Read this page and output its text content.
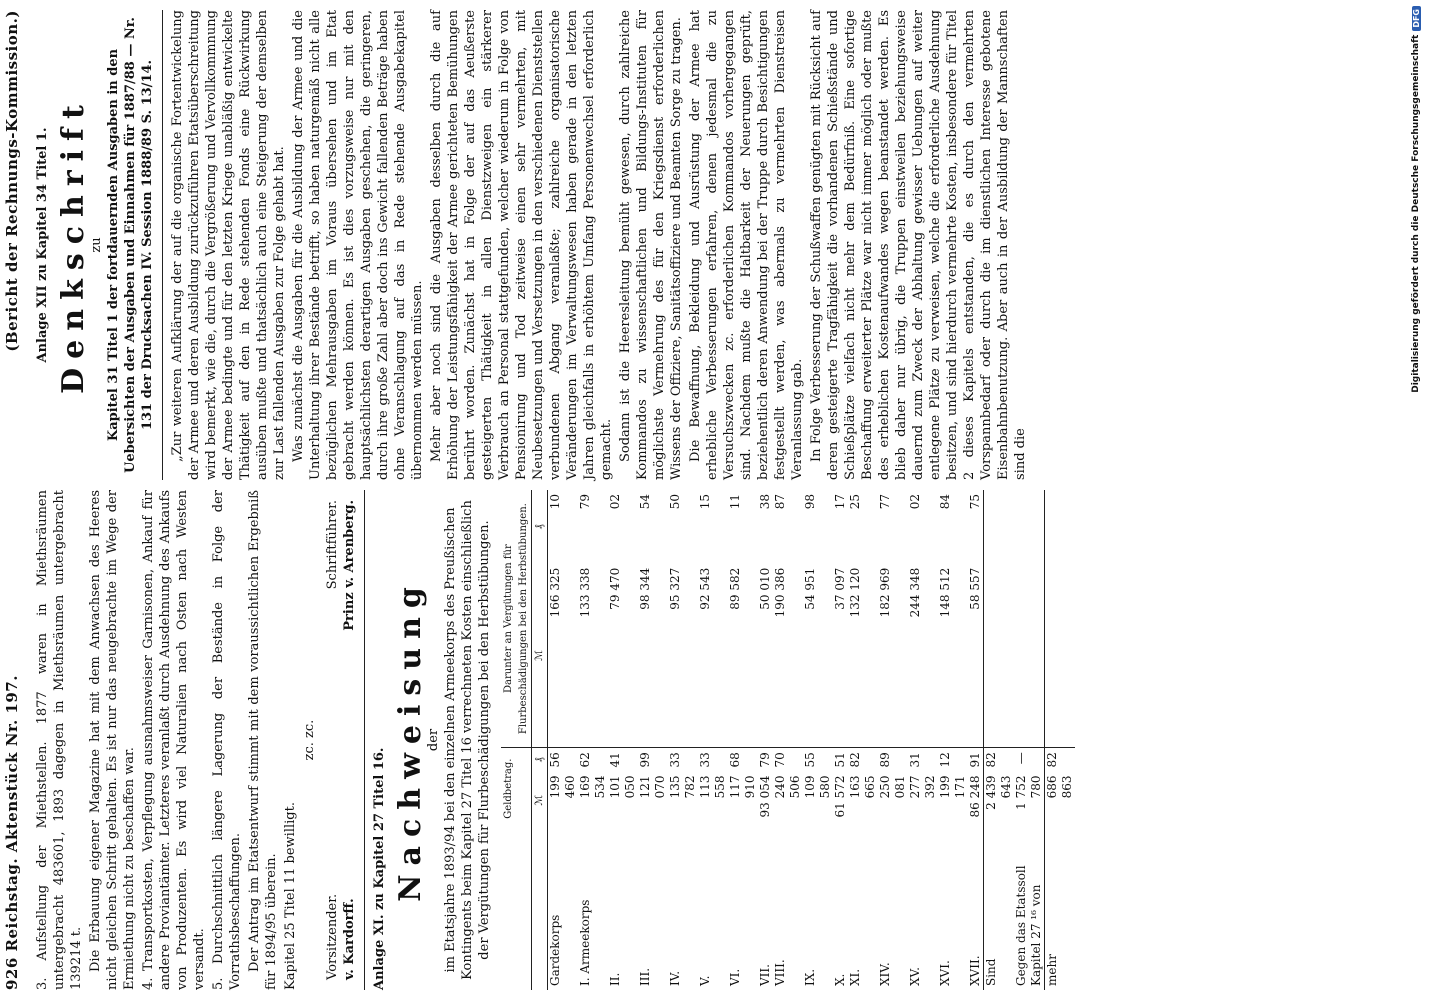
926 Reichstag. Aktenstück Nr. 197. 3. Aufstellung der Miethstellen. 1877 waren in Miethsräumen untergebracht 483601, 1893 dagegen in Miethsräumen untergebracht 139214 t. Die Erbauung eigener Magazine hat mit dem Anwachsen des Heeres nicht gleichen Schritt gehalten. Es ist nur das neugebrachte im Wege der Ermiethung nicht zu beschaffen war. 4. Transportkosten, Verpflegung ausnahmsweiser Garnisonen, Ankauf für andere Proviantämter. Letzteres veranlaßt durch Ausdehnung des Ankaufs von Produzenten. Es wird viel Naturalien nach Osten nach Westen versandt. 5. Durchschnittlich längere Lagerung der Bestände in Folge der Vorrathsbeschaffungen. Der Antrag im Etatsentwurf stimmt mit dem voraussichtlichen Ergebniß für 1894/95 überein. Kapitel 25 Titel 11 bewilligt.

zc. zc.

Vorsitzender. v. Kardorff.
Schriftführer. Prinz v. Arenberg.
Anlage XI. zu Kapitel 27 Titel 16. Nachweisung
der im Etatsjahre 1893/94 bei den einzelnen Armeekorps des Preußischen Kontingents beim Kapitel 27 Titel 16 verrechneten Kosten einschließlich der Vergütungen für Flurbeschädigungen bei den Herbstübungen.

	Geldbetrag.		Darunter an Vergütungen für Flurbeschädigungen bei den Herbstübungen.	
	ℳ	₰	ℳ	₰
Gardekorps	199 460	56	166 325	10
I. Armeekorps	169 534	62	133 338	79
II.	101 050	41	79 470	02
III.	121 070	99	98 344	54
IV.	135 782	33	95 327	50
V.	113 558	33	92 543	15
VI.	117 910	68	89 582	11
VII.	93 054	79	50 010	38
VIII.	240 506	70	190 386	87
IX.	109 580	55	54 951	98
X.	61 572	51	37 097	17
XI.	163 665	82	132 120	25
XIV.	250 081	89	182 969	77
XV.	277 392	31	244 348	02
XVI.	199 171	12	148 512	84
XVII.	86 248	91	58 557	75
Sind	2 439 643	82		
Gegen das Etatssoll Kapitel 27 ¹⁶ von	1 752 780	—		
mehr	686 863	82		
(Bericht der Rechnungs-Kommission.) Anlage XII zu Kapitel 34 Titel 1. Denkschrift
zu Kapitel 31 Titel 1 der fortdauernden Ausgaben in den Uebersichten der Ausgaben und Einnahmen für 1887/88 — Nr. 131 der Drucksachen IV. Session 1888/89 S. 13/14. „Zur weiteren Aufklärung der auf die organische Fortentwickelung der Armee und deren Ausbildung zurückzuführen Etatsüberschreitung wird bemerkt, wie die, durch die Vergrößerung und Vervollkommnung der Armee bedingte und für den letzten Kriege unabläßig entwickelte Thätigkeit auf den in Rede stehenden Fonds eine Rückwirkung ausüben mußte und thatsächlich auch eine Steigerung der demselben zur Last fallenden Ausgaben zur Folge gehabt hat. Was zunächst die Ausgaben für die Ausbildung der Armee und die Unterhaltung ihrer Bestände betrifft, so haben naturgemäß nicht alle bezüglichen Mehrausgaben im Voraus übersehen und im Etat gebracht werden können. Es ist dies vorzugsweise nur mit den hauptsächlichsten derartigen Ausgaben geschehen, die geringeren, durch ihre große Zahl aber doch ins Gewicht fallenden Beträge haben ohne Veranschlagung auf das in Rede stehende Ausgabekapitel übernommen werden müssen. Mehr aber noch sind die Ausgaben desselben durch die auf Erhöhung der Leistungsfähigkeit der Armee gerichteten Bemühungen berührt worden. Zunächst hat in Folge der auf das Aeußerste gesteigerten Thätigkeit in allen Dienstzweigen ein stärkerer Verbrauch an Personal stattgefunden, welcher wiederum in Folge von Pensionirung und Tod zeitweise einen sehr vermehrten, mit Neubesetzungen und Versetzungen in den verschiedenen Dienststellen verbundenen Abgang veranlaßte; zahlreiche organisatorische Veränderungen im Verwaltungswesen haben gerade in den letzten Jahren gleichfalls in erhöhtem Umfang Personenwechsel erforderlich gemacht. Sodann ist die Heeresleitung bemüht gewesen, durch zahlreiche Kommandos zu wissenschaftlichen und Bildungs-Instituten für möglichste Vermehrung des für den Kriegsdienst erforderlichen Wissens der Offiziere, Sanitätsoffiziere und Beamten Sorge zu tragen. Die Bewaffnung, Bekleidung und Ausrüstung der Armee hat erhebliche Verbesserungen erfahren, denen jedesmal die zu Versuchszwecken zc. erforderlichen Kommandos vorhergegangen sind. Nachdem mußte die Haltbarkeit der Neuerungen geprüft, beziehentlich deren Anwendung bei der Truppe durch Besichtigungen festgestellt werden, was abermals zu vermehrten Dienstreisen Veranlassung gab. In Folge Verbesserung der Schußwaffen genügten mit Rücksicht auf deren gesteigerte Tragfähigkeit die vorhandenen Schießstände und Schießplätze vielfach nicht mehr dem Bedürfniß. Eine sofortige Beschaffung erweiterter Plätze war nicht immer möglich oder mußte des erheblichen Kostenaufwandes wegen beanstandet werden. Es blieb daher nur übrig, die Truppen einstweilen beziehungsweise dauernd zum Zweck der Abhaltung gewisser Uebungen auf weiter entlegene Plätze zu verweisen, welche die erforderliche Ausdehnung besitzen, und sind hierdurch vermehrte Kosten, insbesondere für Titel 2 dieses Kapitels entstanden, die es durch den vermehrten Vorspannbedarf oder durch die im dienstlichen Interesse gebotene Eisenbahnbenutzung. Aber auch in der Ausbildung der Mannschaften sind die

Digitalisierung gefördert durch die Deutsche Forschungsgemeinschaft
DFG
